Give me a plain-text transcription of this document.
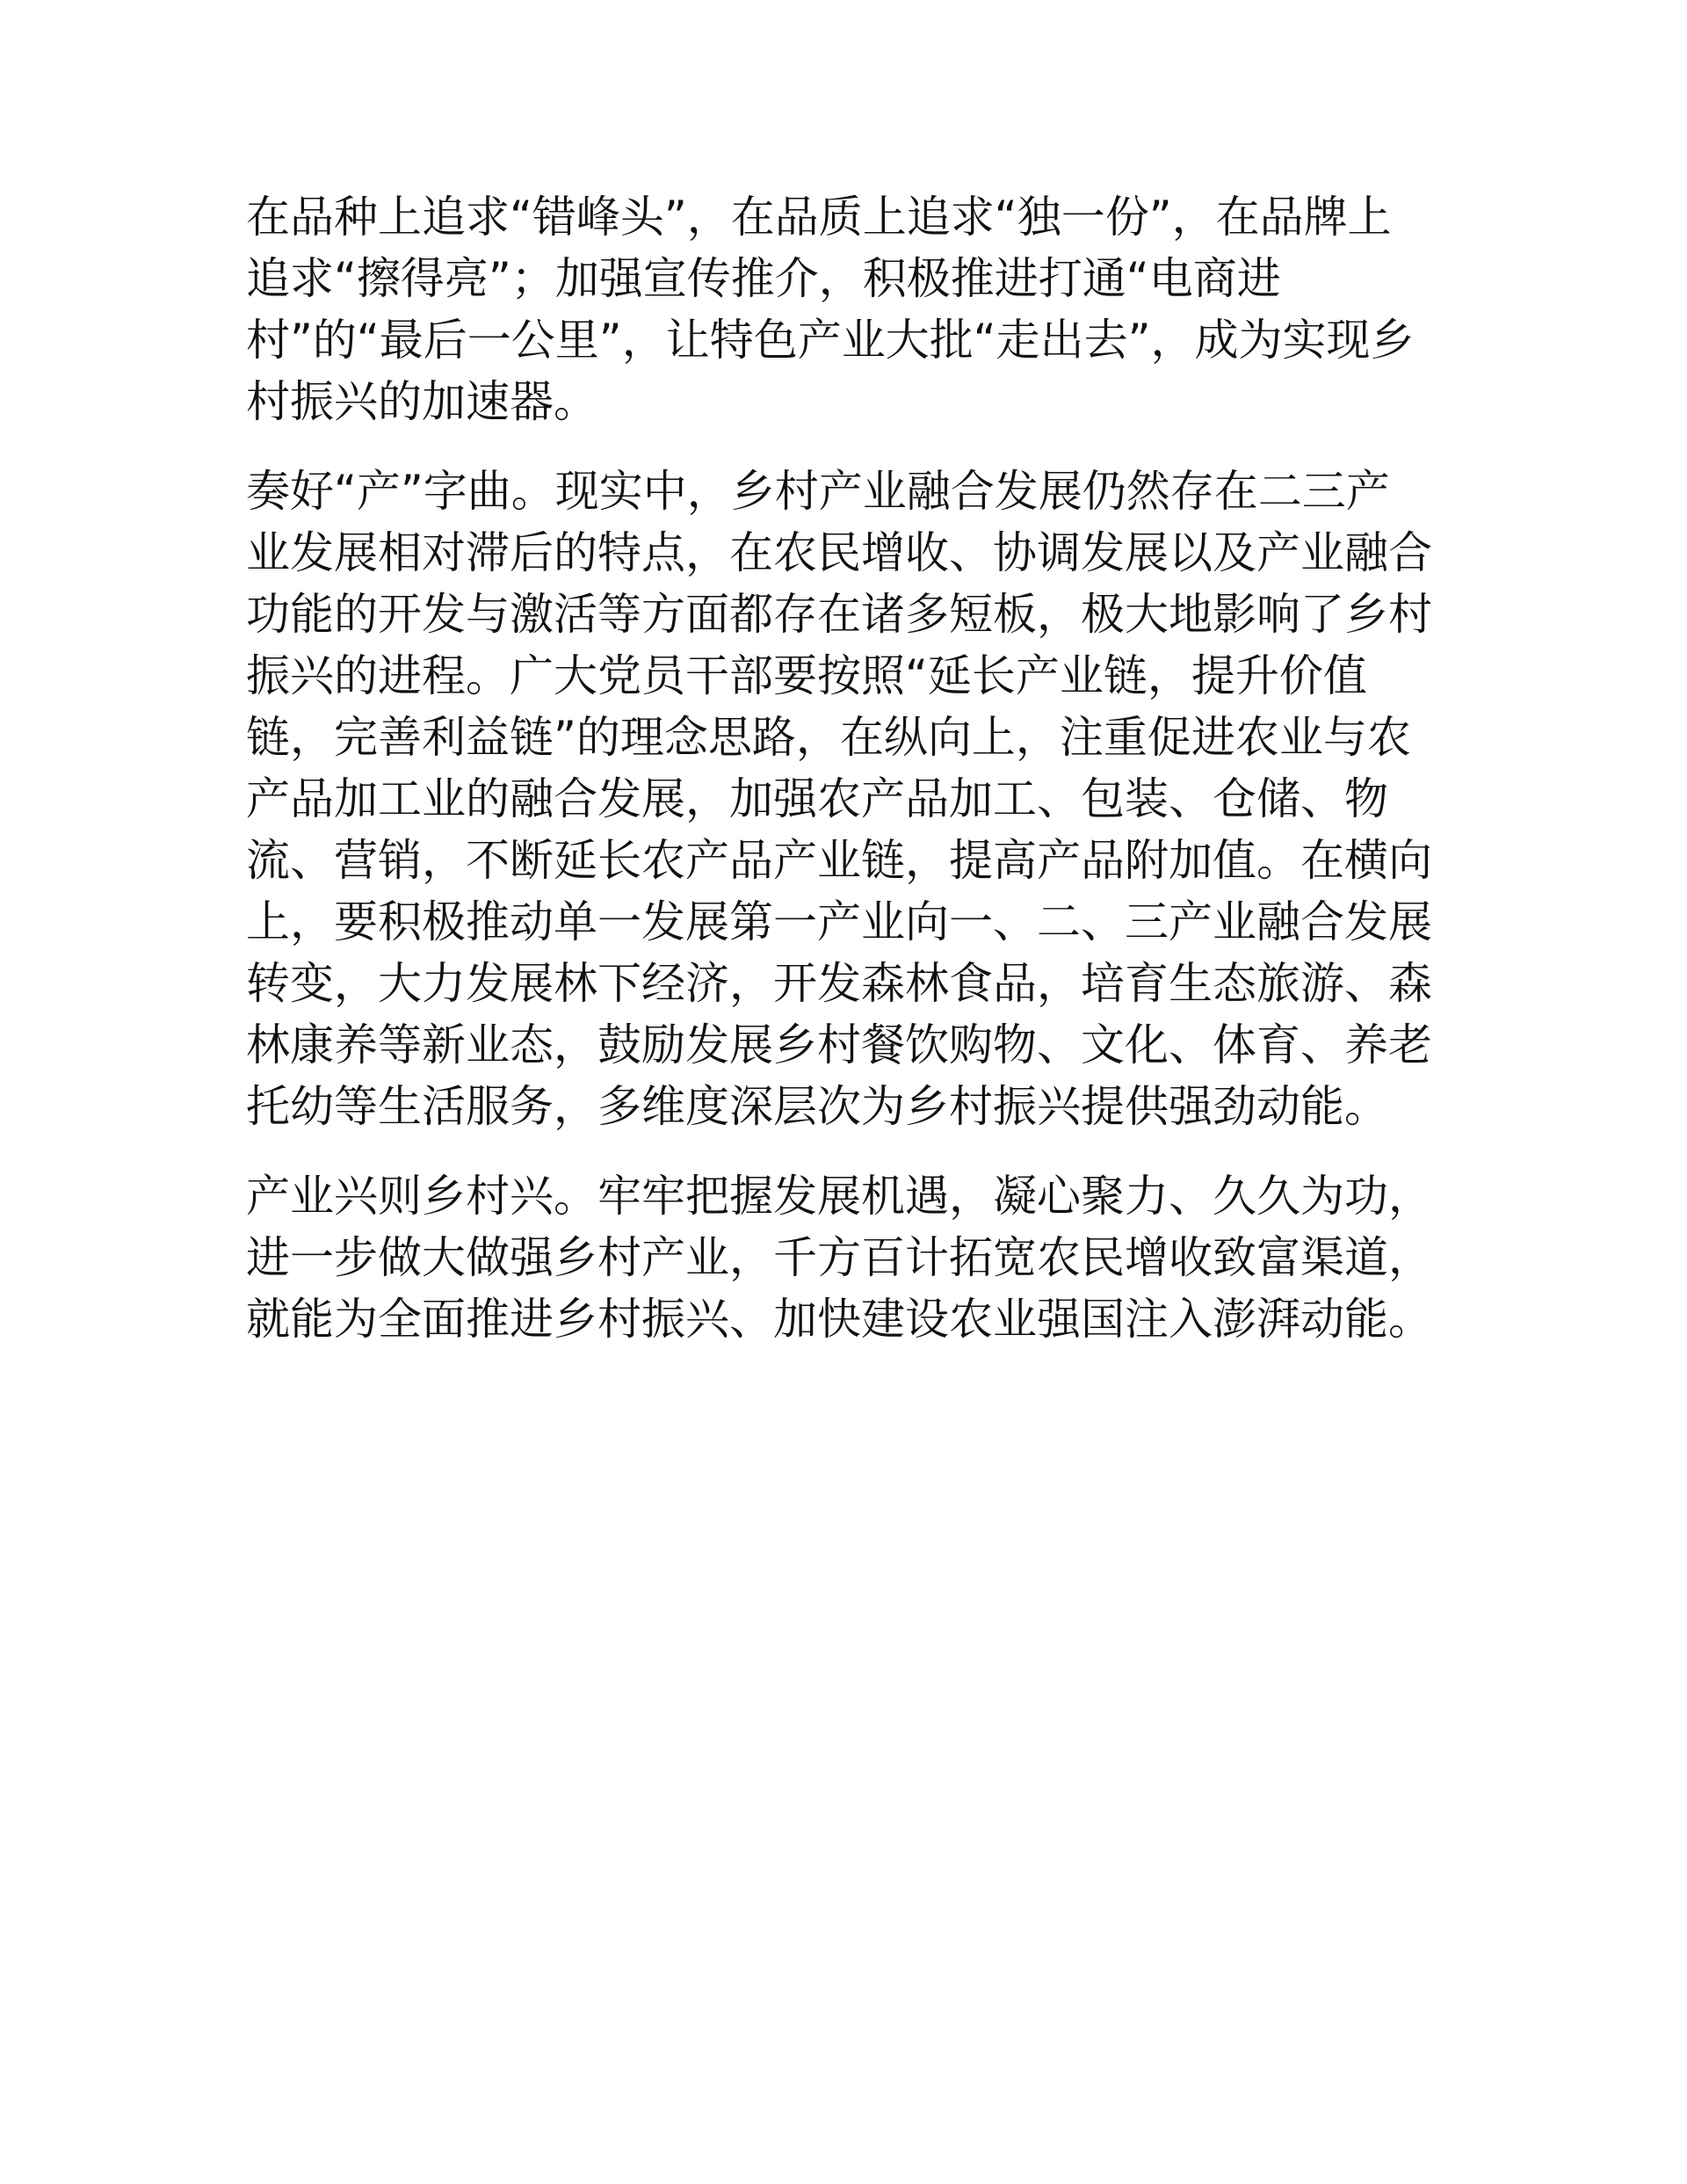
在品种上追求“错峰头”，在品质上追求“独一份”，在品牌上
追求“擦得亮”；加强宣传推介，积极推进打通“电商进
村”的“最后一公里”，让特色产业大批“走出去”，成为实现乡
村振兴的加速器。

奏好“产”字曲。现实中，乡村产业融合发展仍然存在二三产
业发展相对滞后的特点，在农民增收、协调发展以及产业融合
功能的开发与激活等方面都存在诸多短板，极大地影响了乡村
振兴的进程。广大党员干部要按照“延长产业链，提升价值
链，完善利益链”的理念思路，在纵向上，注重促进农业与农
产品加工业的融合发展，加强农产品加工、包装、仓储、物
流、营销，不断延长农产品产业链，提高产品附加值。在横向
上，要积极推动单一发展第一产业向一、二、三产业融合发展
转变，大力发展林下经济，开发森林食品，培育生态旅游、森
林康养等新业态，鼓励发展乡村餐饮购物、文化、体育、养老
托幼等生活服务，多维度深层次为乡村振兴提供强劲动能。

产业兴则乡村兴。牢牢把握发展机遇，凝心聚力、久久为功，
进一步做大做强乡村产业，千方百计拓宽农民增收致富渠道，
就能为全面推进乡村振兴、加快建设农业强国注入澎湃动能。
